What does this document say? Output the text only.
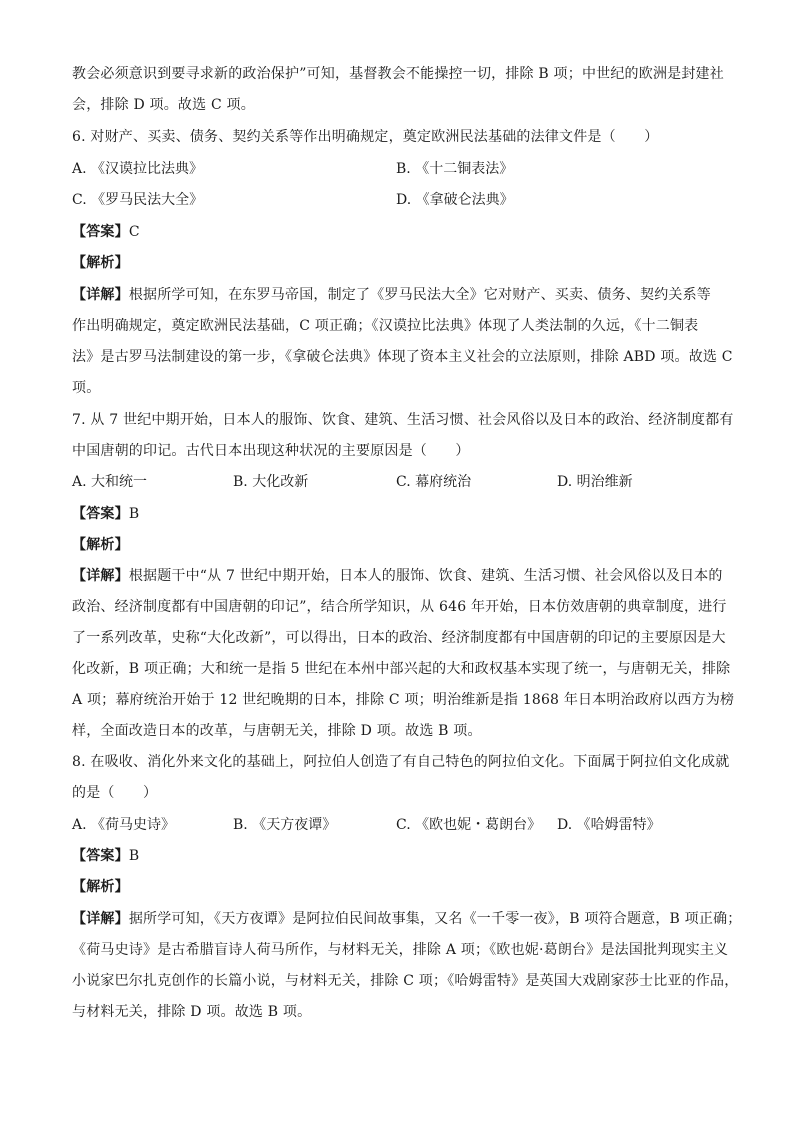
教会必须意识到要寻求新的政治保护”可知，基督教会不能操控一切，排除 B 项；中世纪的欧洲是封建社
会，排除 D 项。故选 C 项。
6. 对财产、买卖、债务、契约关系等作出明确规定，奠定欧洲民法基础的法律文件是（　　）
A. 《汉谟拉比法典》	B. 《十二铜表法》
C. 《罗马民法大全》	D. 《拿破仑法典》
【答案】C
【解析】
【详解】根据所学可知，在东罗马帝国，制定了《罗马民法大全》它对财产、买卖、债务、契约关系等
作出明确规定，奠定欧洲民法基础，C 项正确；《汉谟拉比法典》体现了人类法制的久远，《十二铜表
法》是古罗马法制建设的第一步，《拿破仑法典》体现了资本主义社会的立法原则，排除 ABD 项。故选 C
项。
7. 从 7 世纪中期开始，日本人的服饰、饮食、建筑、生活习惯、社会风俗以及日本的政治、经济制度都有
中国唐朝的印记。古代日本出现这种状况的主要原因是（　　）
A. 大和统一	B. 大化改新	C. 幕府统治	D. 明治维新
【答案】B
【解析】
【详解】根据题干中“从 7 世纪中期开始，日本人的服饰、饮食、建筑、生活习惯、社会风俗以及日本的
政治、经济制度都有中国唐朝的印记”，结合所学知识，从 646 年开始，日本仿效唐朝的典章制度，进行
了一系列改革，史称“大化改新”，可以得出，日本的政治、经济制度都有中国唐朝的印记的主要原因是大
化改新，B 项正确；大和统一是指 5 世纪在本州中部兴起的大和政权基本实现了统一，与唐朝无关，排除
A 项；幕府统治开始于 12 世纪晚期的日本，排除 C 项；明治维新是指 1868 年日本明治政府以西方为榜
样，全面改造日本的改革，与唐朝无关，排除 D 项。故选 B 项。
8. 在吸收、消化外来文化的基础上，阿拉伯人创造了有自己特色的阿拉伯文化。下面属于阿拉伯文化成就
的是（　　）
A. 《荷马史诗》	B. 《天方夜谭》	C. 《欧也妮・葛朗台》 D. 《哈姆雷特》
【答案】B
【解析】
【详解】据所学可知，《天方夜谭》是阿拉伯民间故事集，又名《一千零一夜》，B 项符合题意，B 项正确；
《荷马史诗》是古希腊盲诗人荷马所作，与材料无关，排除 A 项；《欧也妮·葛朗台》是法国批判现实主义
小说家巴尔扎克创作的长篇小说，与材料无关，排除 C 项；《哈姆雷特》是英国大戏剧家莎士比亚的作品，
与材料无关，排除 D 项。故选 B 项。
